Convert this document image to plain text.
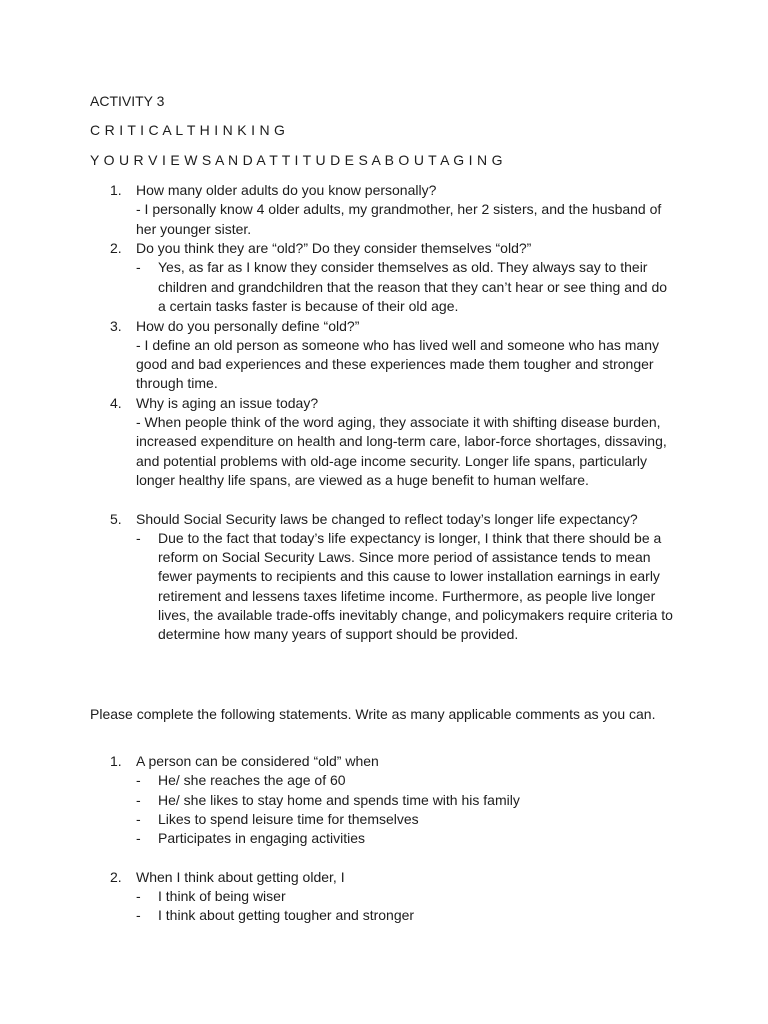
ACTIVITY 3

C R I T I C A L T H I N K I N G

Y O U R V I E W S A N D A T T I T U D E S A B O U T A G I N G

1.	How many older adults do you know personally?

- I personally know 4 older adults, my grandmother, her 2 sisters, and the husband of her younger sister.

2.	Do you think they are “old?” Do they consider themselves “old?”

- Yes, as far as I know they consider themselves as old. They always say to their children and grandchildren that the reason that they can’t hear or see thing and do a certain tasks faster is because of their old age.

3.	How do you personally define “old?”

- I define an old person as someone who has lived well and someone who has many good and bad experiences and these experiences made them tougher and stronger through time.

4.	Why is aging an issue today?

- When people think of the word aging, they associate it with shifting disease burden, increased expenditure on health and long-term care, labor-force shortages, dissaving, and potential problems with old-age income security. Longer life spans, particularly longer healthy life spans, are viewed as a huge benefit to human welfare.

5.	Should Social Security laws be changed to reflect today’s longer life expectancy?

- Due to the fact that today’s life expectancy is longer, I think that there should be a reform on Social Security Laws. Since more period of assistance tends to mean fewer payments to recipients and this cause to lower installation earnings in early retirement and lessens taxes lifetime income. Furthermore, as people live longer lives, the available trade-offs inevitably change, and policymakers require criteria to determine how many years of support should be provided.

Please complete the following statements. Write as many applicable comments as you can.

1.	A person can be considered “old” when

- He/ she reaches the age of 60

- He/ she likes to stay home and spends time with his family

- Likes to spend leisure time for themselves

- Participates in engaging activities

2.	When I think about getting older, I

- I think of being wiser

- I think about getting tougher and stronger
